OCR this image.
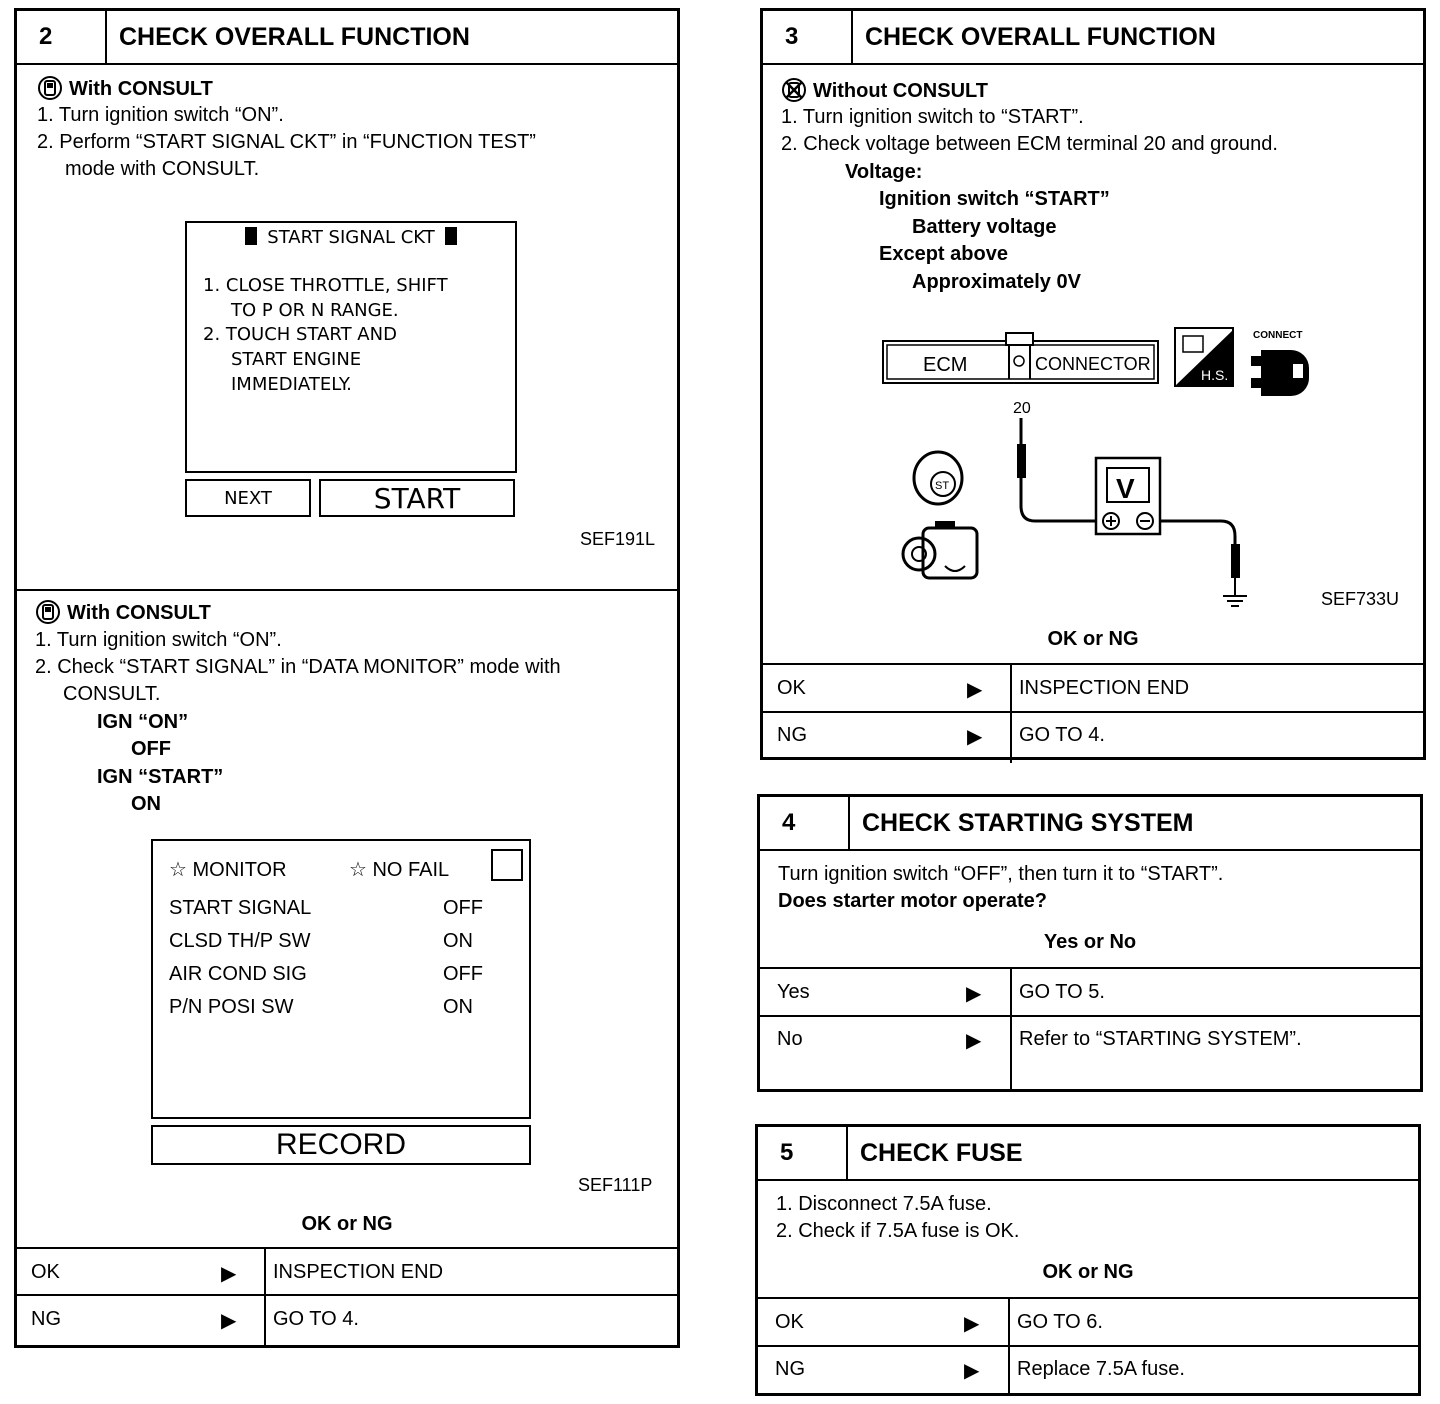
2	CHECK OVERALL FUNCTION
With CONSULT
1. Turn ignition switch “ON”.
2. Perform “START SIGNAL CKT” in “FUNCTION TEST”
mode with CONSULT.
START SIGNAL CKT
1. CLOSE THROTTLE, SHIFT
TO P OR N RANGE.
2. TOUCH START AND
START ENGINE
IMMEDIATELY.
NEXT	START
SEF191L
With CONSULT
1. Turn ignition switch “ON”.
2. Check “START SIGNAL” in “DATA MONITOR” mode with
CONSULT.
IGN “ON”
OFF
IGN “START”
ON
☆ MONITOR	☆ NO FAIL
START SIGNAL	OFF
CLSD TH/P SW	ON
AIR COND SIG	OFF
P/N POSI SW	ON
RECORD
SEF111P
OK or NG
OK	▶ INSPECTION END
NG	▶ GO TO 4.
3	CHECK OVERALL FUNCTION
Without CONSULT
1. Turn ignition switch to “START”.
2. Check voltage between ECM terminal 20 and ground.
Voltage:
Ignition switch “START”
Battery voltage
Except above
Approximately 0V
ECM	CONNECTOR
H.S.
CONNECT
20
V
ST
SEF733U
OK or NG
OK	▶ INSPECTION END
NG	▶ GO TO 4.
4	CHECK STARTING SYSTEM
Turn ignition switch “OFF”, then turn it to “START”.
Does starter motor operate?
Yes or No
Yes	▶ GO TO 5.
No	▶ Refer to “STARTING SYSTEM”.
5	CHECK FUSE
1. Disconnect 7.5A fuse.
2. Check if 7.5A fuse is OK.
OK or NG
OK	▶ GO TO 6.
NG	▶ Replace 7.5A fuse.
